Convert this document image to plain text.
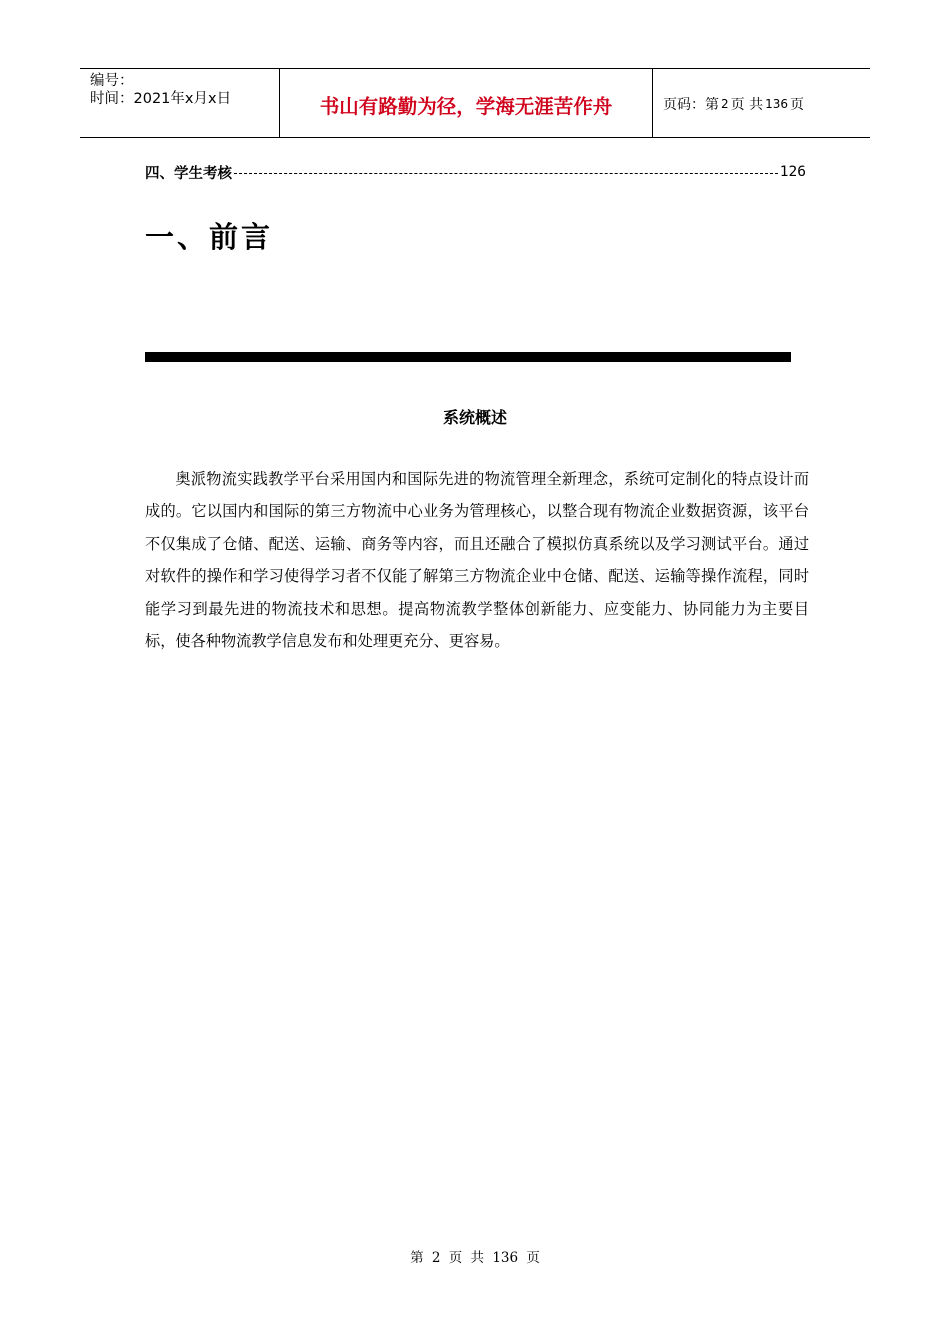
编号：
时间：2021年x月x日	书山有路勤为径，学海无涯苦作舟	页码：第 2 页 共 136 页
四、学生考核	126
一、前言
系统概述

奥派物流实践教学平台采用国内和国际先进的物流管理全新理念，系统可定制化的特点设计而成的。它以国内和国际的第三方物流中心业务为管理核心，以整合现有物流企业数据资源，该平台不仅集成了仓储、配送、运输、商务等内容，而且还融合了模拟仿真系统以及学习测试平台。通过对软件的操作和学习使得学习者不仅能了解第三方物流企业中仓储、配送、运输等操作流程，同时能学习到最先进的物流技术和思想。提高物流教学整体创新能力、应变能力、协同能力为主要目标，使各种物流教学信息发布和处理更充分、更容易。

第 2 页 共 136 页
